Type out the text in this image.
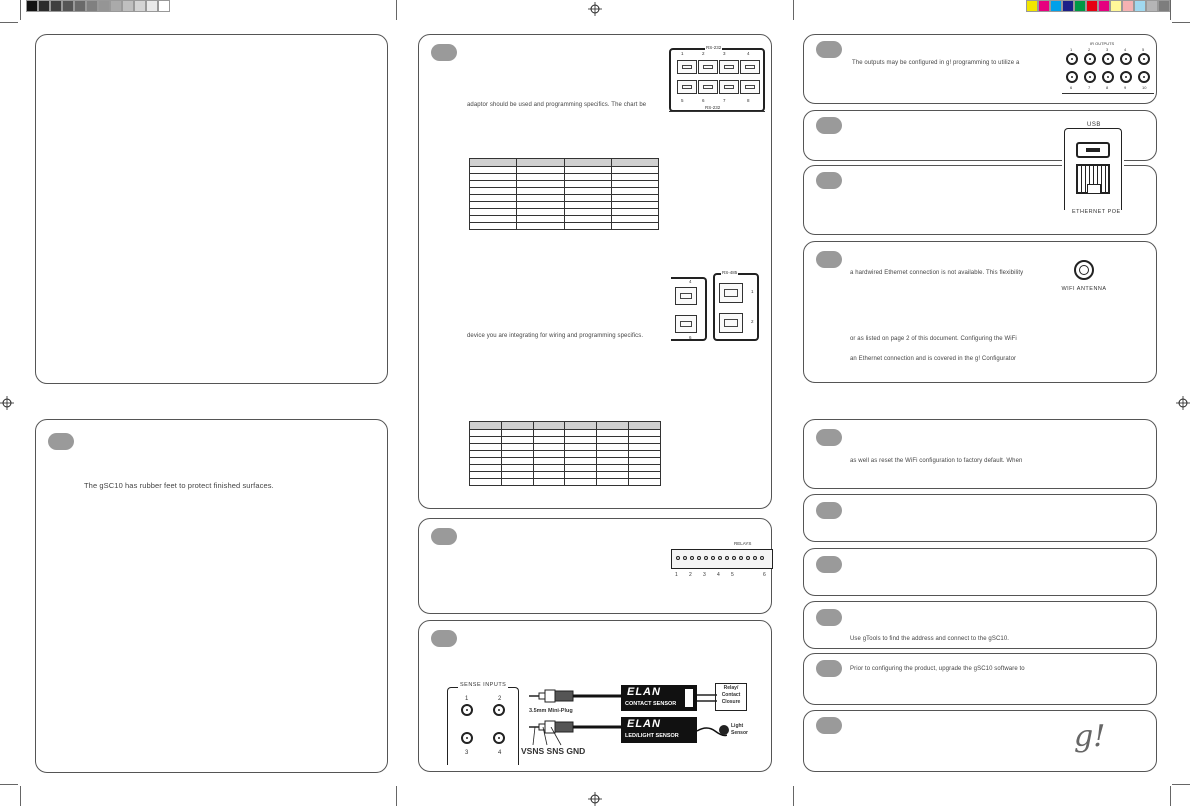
The gSC10 has rubber feet to protect finished surfaces.
adaptor should be used and programming specifics. The chart be
RS-232
1	2	3	4
5	6	7	8
RS-232

device you are integrating for wiring and programming specifics.
4
6
RS-485
1
2

RELAYS
1 2 3 4 5	6
SENSE INPUTS
1	2
3	4
3.5mm Mini-Plug
VSNS SNS GND
ELAN
CONTACT SENSOR
Relay/ Contact Closure
ELAN
LED/LIGHT SENSOR
Light Sensor
The outputs may be configured in g! programming to utilize a
IR OUTPUTS
1	2	3	4	5
6	7	8	9	10
USB
ETHERNET POE
a hardwired Ethernet connection is not available. This flexibility
or as listed on page 2 of this document. Configuring the WiFi
an Ethernet connection and is covered in the g! Configurator
WIFI ANTENNA
as well as reset the WiFi configuration to factory default. When
Use gTools to find the address and connect to the gSC10.
Prior to configuring the product, upgrade the gSC10 software to
g!
